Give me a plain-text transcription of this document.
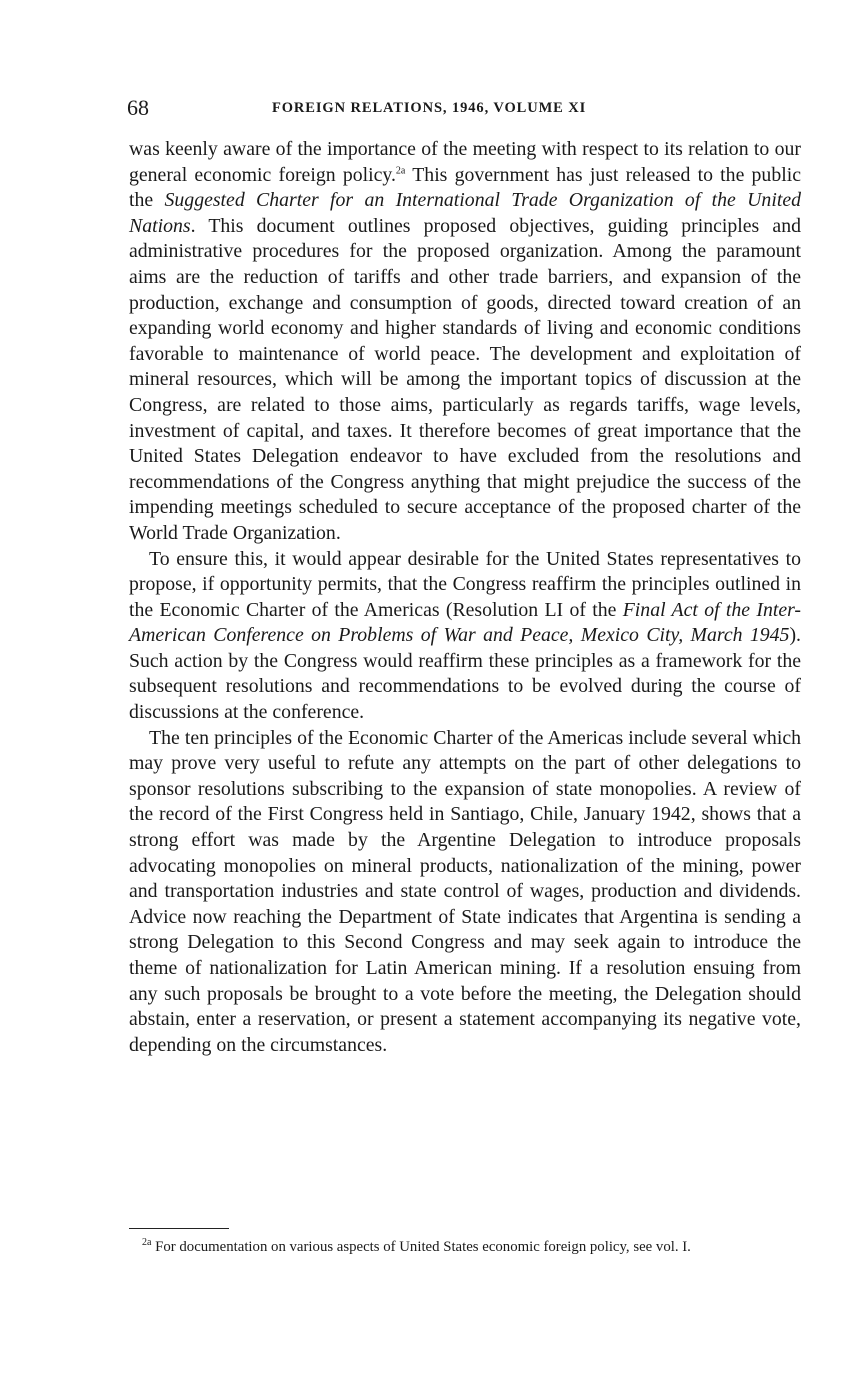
68	FOREIGN RELATIONS, 1946, VOLUME XI

was keenly aware of the importance of the meeting with respect to its relation to our general economic foreign policy.$^{2a}$ This government has just released to the public the Suggested Charter for an International Trade Organization of the United Nations. This document outlines proposed objectives, guiding principles and administrative procedures for the proposed organization. Among the paramount aims are the reduction of tariffs and other trade barriers, and expansion of the production, exchange and consumption of goods, directed toward creation of an expanding world economy and higher standards of living and economic conditions favorable to maintenance of world peace. The development and exploitation of mineral resources, which will be among the important topics of discussion at the Congress, are related to those aims, particularly as regards tariffs, wage levels, investment of capital, and taxes. It therefore becomes of great importance that the United States Delegation endeavor to have excluded from the resolutions and recommendations of the Congress anything that might prejudice the success of the impending meetings scheduled to secure acceptance of the proposed charter of the World Trade Organization.

To ensure this, it would appear desirable for the United States representatives to propose, if opportunity permits, that the Congress reaffirm the principles outlined in the Economic Charter of the Americas (Resolution LI of the Final Act of the Inter-American Conference on Problems of War and Peace, Mexico City, March 1945). Such action by the Congress would reaffirm these principles as a framework for the subsequent resolutions and recommendations to be evolved during the course of discussions at the conference.

The ten principles of the Economic Charter of the Americas include several which may prove very useful to refute any attempts on the part of other delegations to sponsor resolutions subscribing to the expansion of state monopolies. A review of the record of the First Congress held in Santiago, Chile, January 1942, shows that a strong effort was made by the Argentine Delegation to introduce proposals advocating monopolies on mineral products, nationalization of the mining, power and transportation industries and state control of wages, production and dividends. Advice now reaching the Department of State indicates that Argentina is sending a strong Delegation to this Second Congress and may seek again to introduce the theme of nationalization for Latin American mining. If a resolution ensuing from any such proposals be brought to a vote before the meeting, the Delegation should abstain, enter a reservation, or present a statement accompanying its negative vote, depending on the circumstances.

$^{2a}$ For documentation on various aspects of United States economic foreign policy, see vol. I.
